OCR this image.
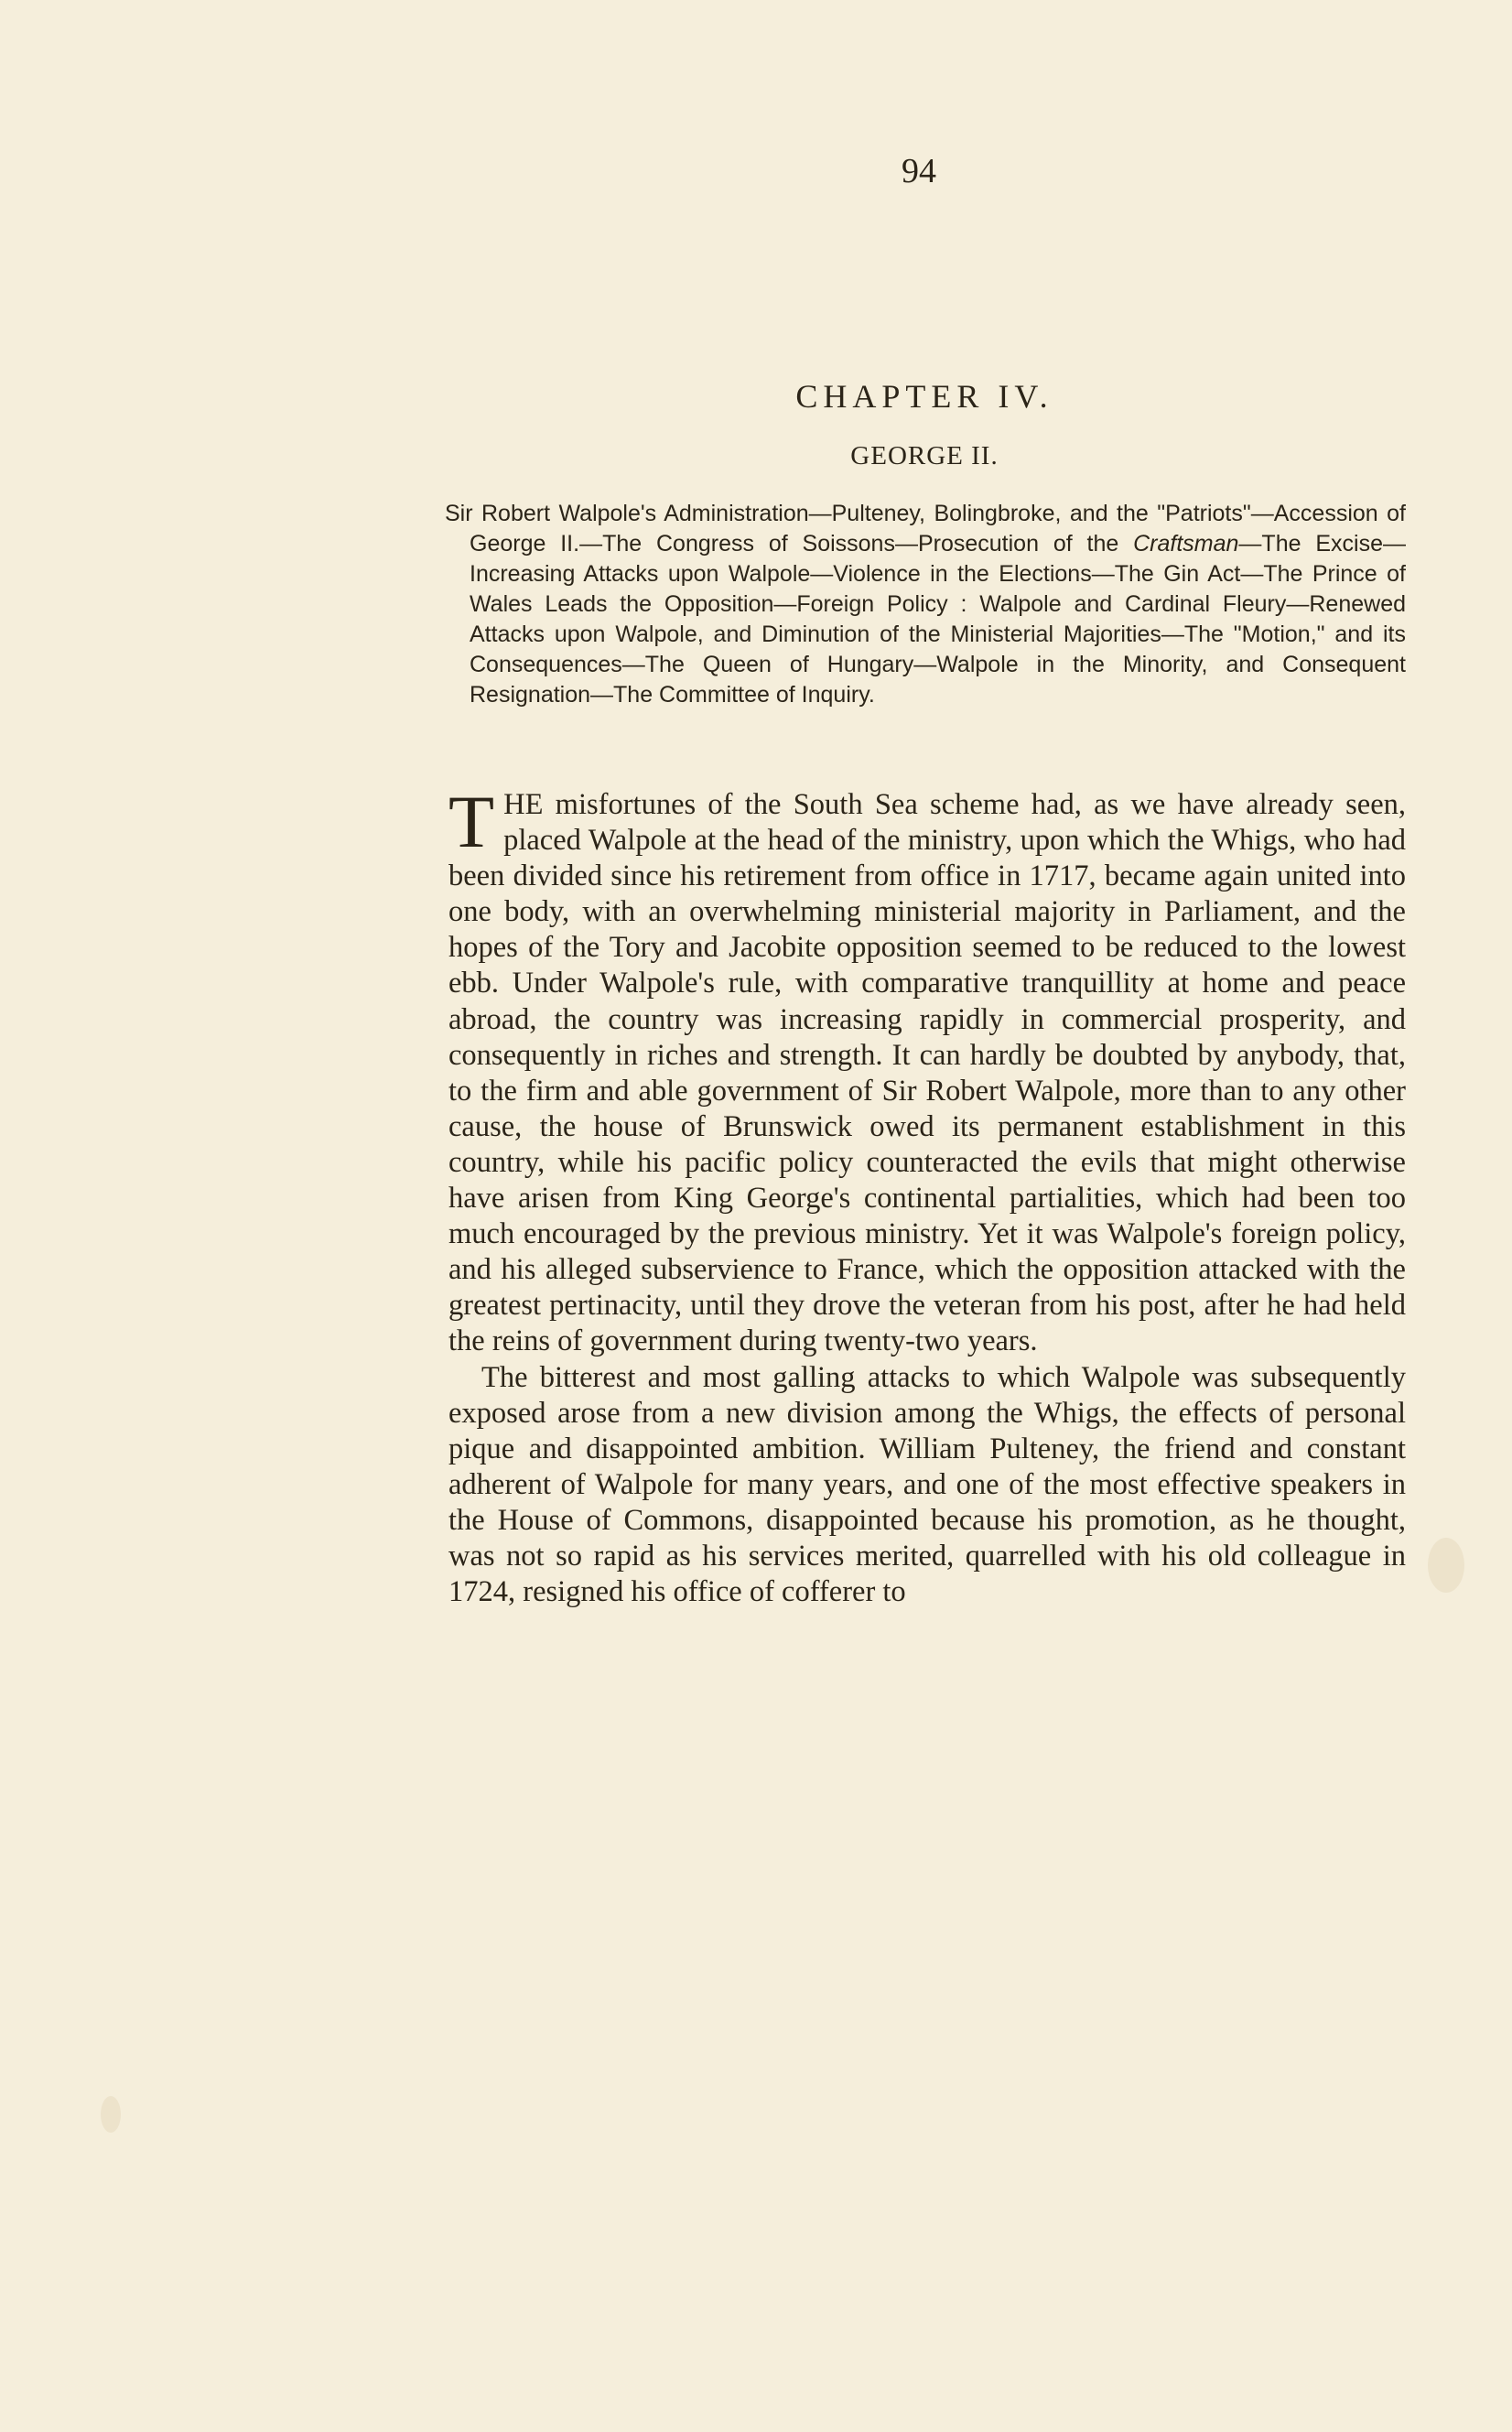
94
CHAPTER IV.
GEORGE II.

Sir Robert Walpole's Administration—Pulteney, Bolingbroke, and the "Patriots"—Accession of George II.—The Congress of Soissons—Prosecution of the Craftsman—The Excise—Increasing Attacks upon Walpole—Violence in the Elections—The Gin Act—The Prince of Wales Leads the Opposition—Foreign Policy : Walpole and Cardinal Fleury—Renewed Attacks upon Walpole, and Diminution of the Ministerial Majorities—The "Motion," and its Consequences—The Queen of Hungary—Walpole in the Minority, and Consequent Resignation—The Committee of Inquiry.

THE misfortunes of the South Sea scheme had, as we have already seen, placed Walpole at the head of the ministry, upon which the Whigs, who had been divided since his retirement from office in 1717, became again united into one body, with an overwhelming ministerial majority in Parliament, and the hopes of the Tory and Jacobite opposition seemed to be reduced to the lowest ebb. Under Walpole's rule, with comparative tranquillity at home and peace abroad, the country was increasing rapidly in commercial prosperity, and consequently in riches and strength. It can hardly be doubted by anybody, that, to the firm and able government of Sir Robert Walpole, more than to any other cause, the house of Brunswick owed its permanent establishment in this country, while his pacific policy counteracted the evils that might otherwise have arisen from King George's continental partialities, which had been too much encouraged by the previous ministry. Yet it was Walpole's foreign policy, and his alleged subservience to France, which the opposition attacked with the greatest pertinacity, until they drove the veteran from his post, after he had held the reins of government during twenty-two years.

The bitterest and most galling attacks to which Walpole was subsequently exposed arose from a new division among the Whigs, the effects of personal pique and disappointed ambition. William Pulteney, the friend and constant adherent of Walpole for many years, and one of the most effective speakers in the House of Commons, disappointed because his promotion, as he thought, was not so rapid as his services merited, quarrelled with his old colleague in 1724, resigned his office of cofferer to
